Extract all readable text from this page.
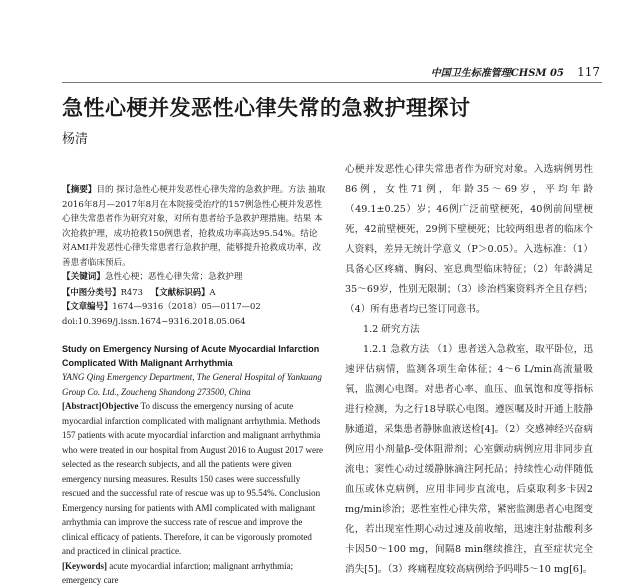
中国卫生标准管理CHSM 05 117
急性心梗并发恶性心律失常的急救护理探讨
杨清

【摘要】目的 探讨急性心梗并发恶性心律失常的急救护理。方法 抽取2016年8月—2017年8月在本院接受治疗的157例急性心梗并发恶性心律失常患者作为研究对象，对所有患者给予急救护理措施。结果 本次抢救护理，成功抢救150例患者，抢救成功率高达95.54%。结论 对AMI并发恶性心律失常患者行急救护理，能够提升抢救成功率，改善患者临床预后。

【关键词】急性心梗；恶性心律失常；急救护理

【中图分类号】R473 【文献标识码】A

【文章编号】1674—9316（2018）05—0117—02

doi:10.3969/j.issn.1674−9316.2018.05.064

Study on Emergency Nursing of Acute Myocardial Infarction Complicated With Malignant Arrhythmia

YANG Qing Emergency Department, The General Hospital of Yankuang Group Co. Ltd., Zoucheng Shandong 273500, China

[Abstract]Objective To discuss the emergency nursing of acute myocardial infarction complicated with malignant arrhythmia. Methods 157 patients with acute myocardial infarction and malignant arrhythmia who were treated in our hospital from August 2016 to August 2017 were selected as the research subjects, and all the patients were given emergency nursing measures. Results 150 cases were successfully rescued and the successful rate of rescue was up to 95.54%. Conclusion Emergency nursing for patients with AMI complicated with malignant arrhythmia can improve the success rate of rescue and improve the clinical efficacy of patients. Therefore, it can be vigorously promoted and practiced in clinical practice.

[Keywords] acute myocardial infarction; malignant arrhythmia; emergency care

心梗并发恶性心律失常患者作为研究对象。入选病例男性86例，女性71例，年龄35～69岁，平均年龄（49.1±0.25）岁；46例广泛前壁梗死，40例前间壁梗死，42前壁梗死，29例下壁梗死；比较两组患者的临床个人资料，差异无统计学意义（P＞0.05）。入选标准：（1）具备心区疼痛、胸闷、室息典型临床特征；（2）年龄满足35～69岁，性别无限制；（3）诊治档案资料齐全且存档；（4）所有患者均已签订同意书。

1.2 研究方法

1.2.1 急救方法 （1）患者送入急救室，取平卧位，迅速评估病情，监测各项生命体征；4～6 L/min高流量吸氧，监测心电图。对患者心率、血压、血氧饱和度等指标进行检测，为之行18导联心电图。遵医嘱及时开通上肢静脉通道，采集患者静脉血液送检[4]。（2）交感神经兴奋病例应用小剂量β-受体阻滞剂；心室颤动病例应用非同步直流电；窦性心动过缓静脉滴注阿托品；持续性心动伴随低血压或休克病例，应用非同步直流电，后桌取利多卡因2 mg/min诊治；恶性室性心律失常，紧密监测患者心电图变化，若出现室性期心动过速及前收缩，迅速注射盐酸利多卡因50～100 mg，间隔8 min继续推注，直至症状完全消失[5]。（3）疼痛程度较高病例给予吗啡5～10 mg[6]。
